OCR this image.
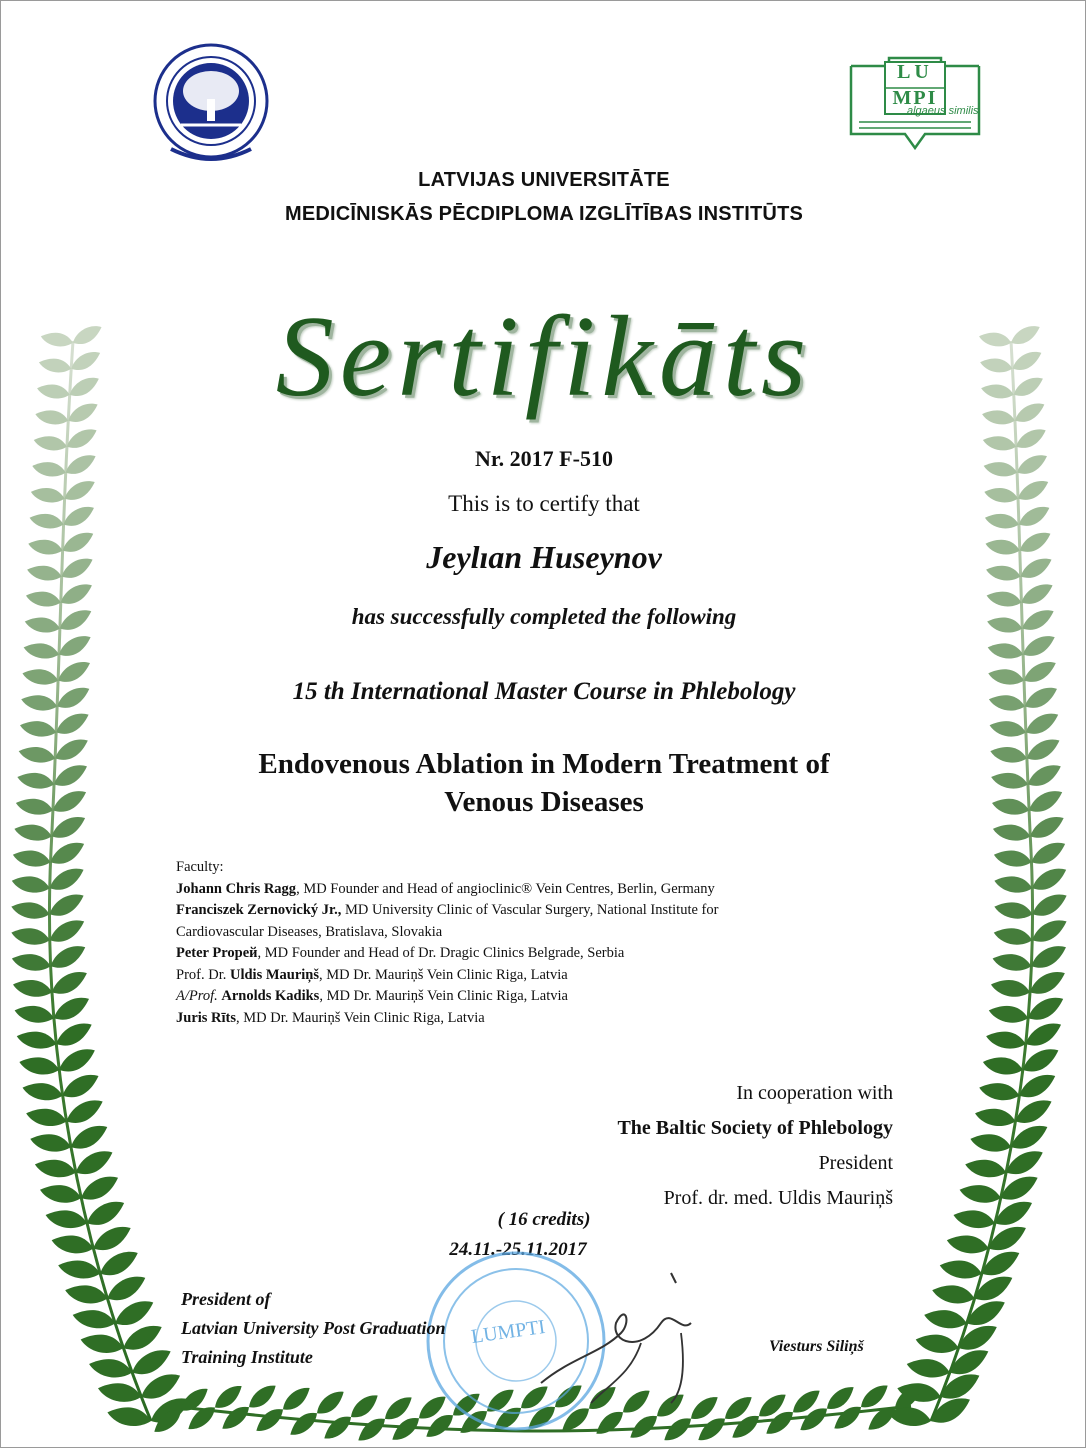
LU
MPI
algaeus similis
LATVIJAS UNIVERSITĀTE
MEDICĪNISKĀS PĒCDIPLOMA IZGLĪTĪBAS INSTITŪTS
Sertifikāts
Nr. 2017 F-510
This is to certify that
Jeylıan Huseynov
has successfully completed the following
15 th International Master Course in Phlebology
Endovenous Ablation in Modern Treatment of
Venous Diseases
Faculty:
Johann Chris Ragg, MD Founder and Head of angioclinic® Vein Centres, Berlin, Germany
Franciszek Zernovický Jr., MD University Clinic of Vascular Surgery, National Institute for
Cardiovascular Diseases, Bratislava, Slovakia
Peter Propeй, MD Founder and Head of Dr. Dragic Clinics Belgrade, Serbia
Prof. Dr. Uldis Mauriņš, MD Dr. Mauriņš Vein Clinic Riga, Latvia
A/Prof. Arnolds Kadiks, MD Dr. Mauriņš Vein Clinic Riga, Latvia
Juris Rīts, MD Dr. Mauriņš Vein Clinic Riga, Latvia
In cooperation with
The Baltic Society of Phlebology
President
Prof. dr. med. Uldis Mauriņš
( 16 credits)
24.11.-25.11.2017
LUMPTI
President of
Latvian University Post Graduation
Training Institute
Viesturs Siliņš
